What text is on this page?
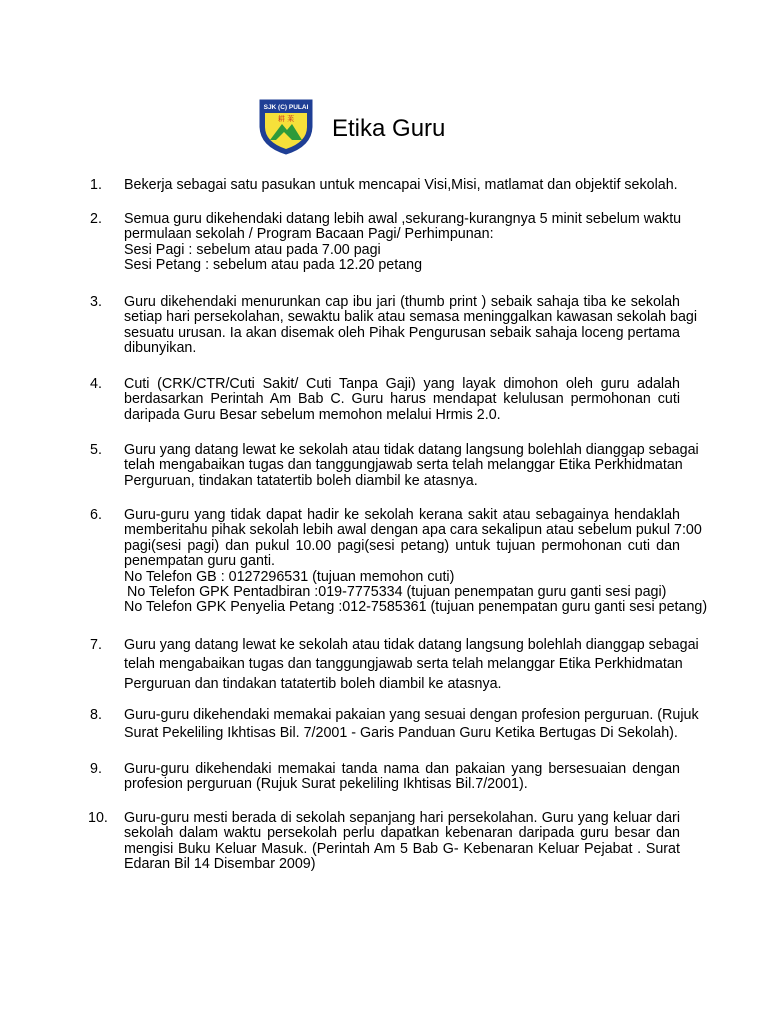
SJK (C) PULAI
耕 莱 Etika Guru
1.	Bekerja sebagai satu pasukan untuk mencapai Visi,Misi, matlamat dan objektif sekolah.
2.	Semua guru dikehendaki datang lebih awal ,sekurang-kurangnya 5 minit sebelum waktu
permulaan sekolah / Program Bacaan Pagi/ Perhimpunan:
Sesi Pagi : sebelum atau pada 7.00 pagi
Sesi Petang : sebelum atau pada 12.20 petang
3.	Guru dikehendaki menurunkan cap ibu jari (thumb print ) sebaik sahaja tiba ke sekolah
setiap hari persekolahan, sewaktu balik atau semasa meninggalkan kawasan sekolah bagi
sesuatu urusan. Ia akan disemak oleh Pihak Pengurusan sebaik sahaja loceng pertama
dibunyikan.
4.	Cuti (CRK/CTR/Cuti Sakit/ Cuti Tanpa Gaji) yang layak dimohon oleh guru adalah
berdasarkan Perintah Am Bab C. Guru harus mendapat kelulusan permohonan cuti
daripada Guru Besar sebelum memohon melalui Hrmis 2.0.
5.	Guru yang datang lewat ke sekolah atau tidak datang langsung bolehlah dianggap sebagai
telah mengabaikan tugas dan tanggungjawab serta telah melanggar Etika Perkhidmatan
Perguruan, tindakan tatatertib boleh diambil ke atasnya.
6.	Guru-guru yang tidak dapat hadir ke sekolah kerana sakit atau sebagainya hendaklah
memberitahu pihak sekolah lebih awal dengan apa cara sekalipun atau sebelum pukul 7:00
pagi(sesi pagi) dan pukul 10.00 pagi(sesi petang) untuk tujuan permohonan cuti dan
penempatan guru ganti.
No Telefon GB : 0127296531 (tujuan memohon cuti)
No Telefon GPK Pentadbiran :019-7775334 (tujuan penempatan guru ganti sesi pagi)
No Telefon GPK Penyelia Petang :012-7585361 (tujuan penempatan guru ganti sesi petang)
7.	Guru yang datang lewat ke sekolah atau tidak datang langsung bolehlah dianggap sebagai
telah mengabaikan tugas dan tanggungjawab serta telah melanggar Etika Perkhidmatan
Perguruan dan tindakan tatatertib boleh diambil ke atasnya.
8.	Guru-guru dikehendaki memakai pakaian yang sesuai dengan profesion perguruan. (Rujuk
Surat Pekeliling Ikhtisas Bil. 7/2001 - Garis Panduan Guru Ketika Bertugas Di Sekolah).
9.	Guru-guru dikehendaki memakai tanda nama dan pakaian yang bersesuaian dengan
profesion perguruan (Rujuk Surat pekeliling Ikhtisas Bil.7/2001).
10.	Guru-guru mesti berada di sekolah sepanjang hari persekolahan. Guru yang keluar dari
sekolah dalam waktu persekolah perlu dapatkan kebenaran daripada guru besar dan
mengisi Buku Keluar Masuk. (Perintah Am 5 Bab G- Kebenaran Keluar Pejabat . Surat
Edaran Bil 14 Disembar 2009)
